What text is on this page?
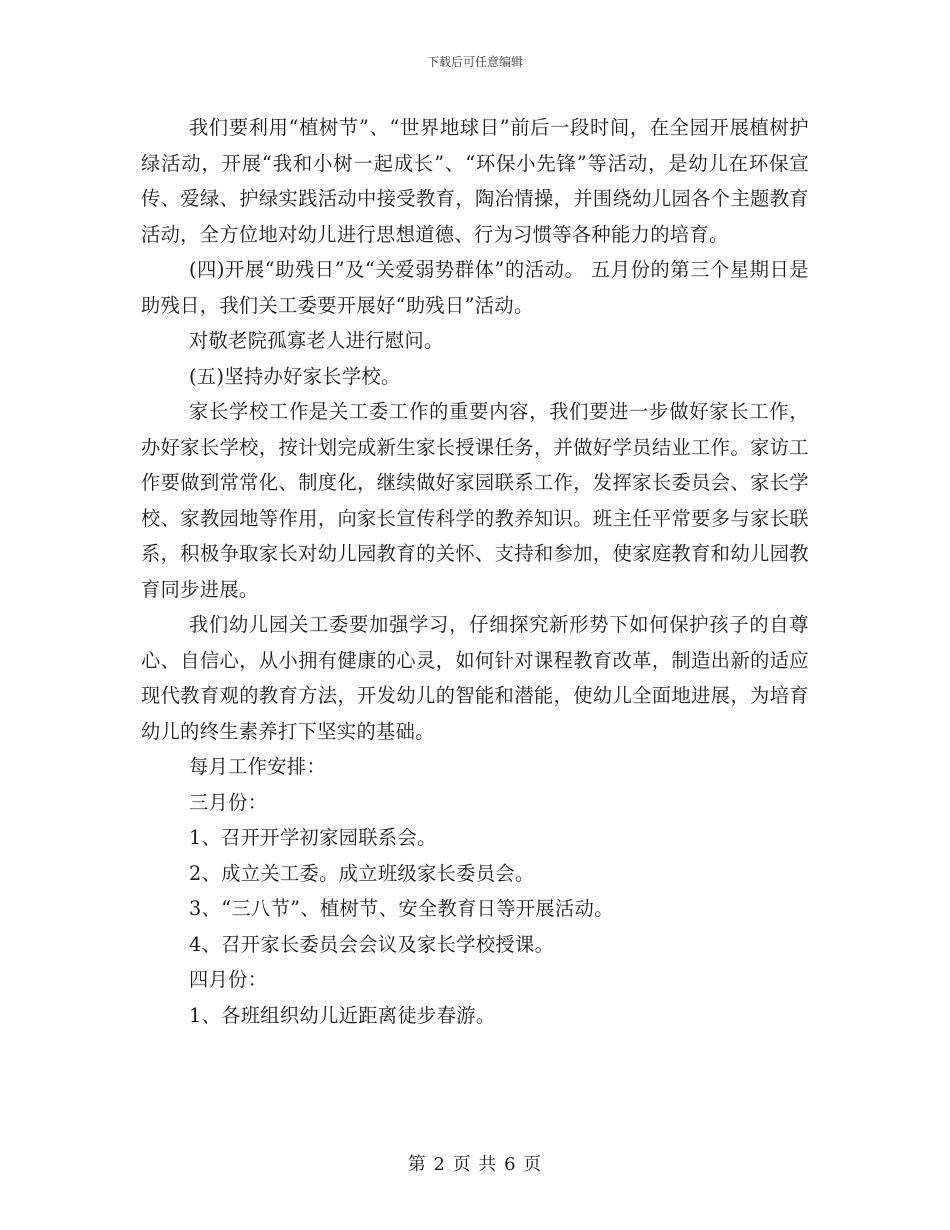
下载后可任意编辑

我们要利用“植树节”、“世界地球日”前后一段时间，在全园开展植树护绿活动，开展“我和小树一起成长”、“环保小先锋”等活动，是幼儿在环保宣传、爱绿、护绿实践活动中接受教育，陶冶情操，并围绕幼儿园各个主题教育活动，全方位地对幼儿进行思想道德、行为习惯等各种能力的培育。

(四)开展“助残日”及“关爱弱势群体”的活动。 五月份的第三个星期日是助残日，我们关工委要开展好“助残日”活动。

对敬老院孤寡老人进行慰问。

(五)坚持办好家长学校。

家长学校工作是关工委工作的重要内容，我们要进一步做好家长工作，办好家长学校，按计划完成新生家长授课任务，并做好学员结业工作。家访工作要做到常常化、制度化，继续做好家园联系工作，发挥家长委员会、家长学校、家教园地等作用，向家长宣传科学的教养知识。班主任平常要多与家长联系，积极争取家长对幼儿园教育的关怀、支持和参加，使家庭教育和幼儿园教育同步进展。

我们幼儿园关工委要加强学习，仔细探究新形势下如何保护孩子的自尊心、自信心，从小拥有健康的心灵，如何针对课程教育改革，制造出新的适应现代教育观的教育方法，开发幼儿的智能和潜能，使幼儿全面地进展，为培育幼儿的终生素养打下坚实的基础。

每月工作安排：

三月份：

1、召开开学初家园联系会。

2、成立关工委。成立班级家长委员会。

3、“三八节”、植树节、安全教育日等开展活动。

4、召开家长委员会会议及家长学校授课。

四月份：

1、各班组织幼儿近距离徒步春游。

第 2 页 共 6 页
